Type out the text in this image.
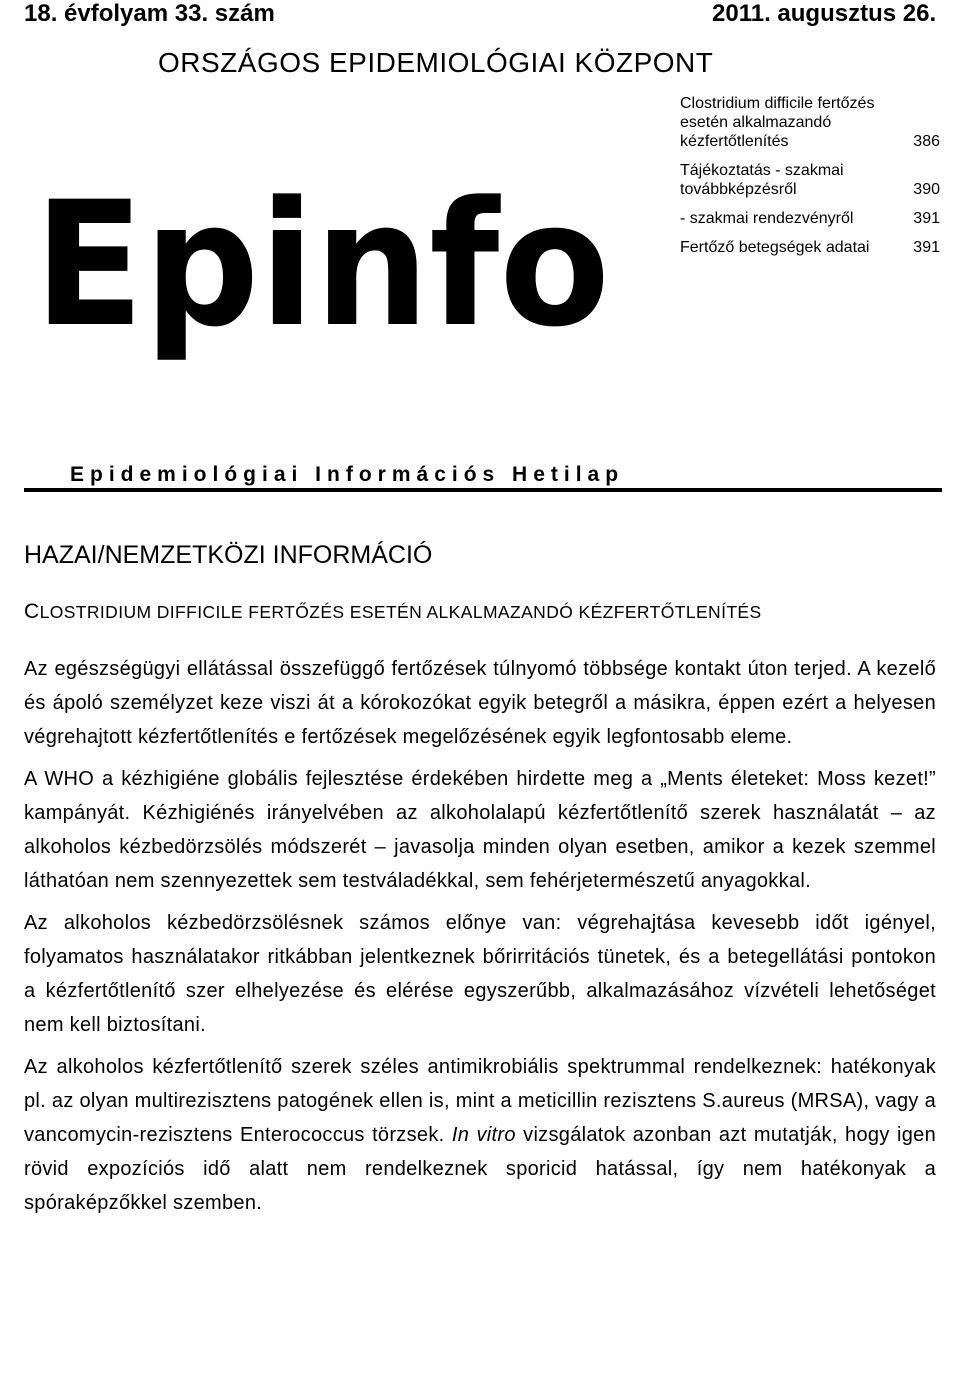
18. évfolyam 33. szám	2011. augusztus 26.
ORSZÁGOS EPIDEMIOLÓGIAI KÖZPONT
Epinfo
Clostridium difficile fertőzés esetén alkalmazandó kézfertőtlenítés	386
Tájékoztatás - szakmai továbbképzésről	390
- szakmai rendezvényről	391
Fertőző betegségek adatai	391
Epidemiológiai Információs Hetilap
HAZAI/NEMZETKÖZI INFORMÁCIÓ
CLOSTRIDIUM DIFFICILE FERTŐZÉS ESETÉN ALKALMAZANDÓ KÉZFERTŐTLENÍTÉS

Az egészségügyi ellátással összefüggő fertőzések túlnyomó többsége kontakt úton terjed. A kezelő és ápoló személyzet keze viszi át a kórokozókat egyik betegről a másikra, éppen ezért a helyesen végrehajtott kézfertőtlenítés e fertőzések megelőzésének egyik legfontosabb eleme.

A WHO a kézhigiéne globális fejlesztése érdekében hirdette meg a „Ments életeket: Moss kezet!” kampányát. Kézhigiénés irányelvében az alkoholalapú kézfertőtlenítő szerek használatát – az alkoholos kézbedörzsölés módszerét – javasolja minden olyan esetben, amikor a kezek szemmel láthatóan nem szennyezettek sem testváladékkal, sem fehérjetermészetű anyagokkal.

Az alkoholos kézbedörzsölésnek számos előnye van: végrehajtása kevesebb időt igényel, folyamatos használatakor ritkábban jelentkeznek bőrirritációs tünetek, és a betegellátási pontokon a kézfertőtlenítő szer elhelyezése és elérése egyszerűbb, alkalmazásához vízvételi lehetőséget nem kell biztosítani.

Az alkoholos kézfertőtlenítő szerek széles antimikrobiális spektrummal rendelkeznek: hatékonyak pl. az olyan multirezisztens patogének ellen is, mint a meticillin rezisztens S.aureus (MRSA), vagy a vancomycin-rezisztens Enterococcus törzsek. In vitro vizsgálatok azonban azt mutatják, hogy igen rövid expozíciós idő alatt nem rendelkeznek sporicid hatással, így nem hatékonyak a spóraképzőkkel szemben.
